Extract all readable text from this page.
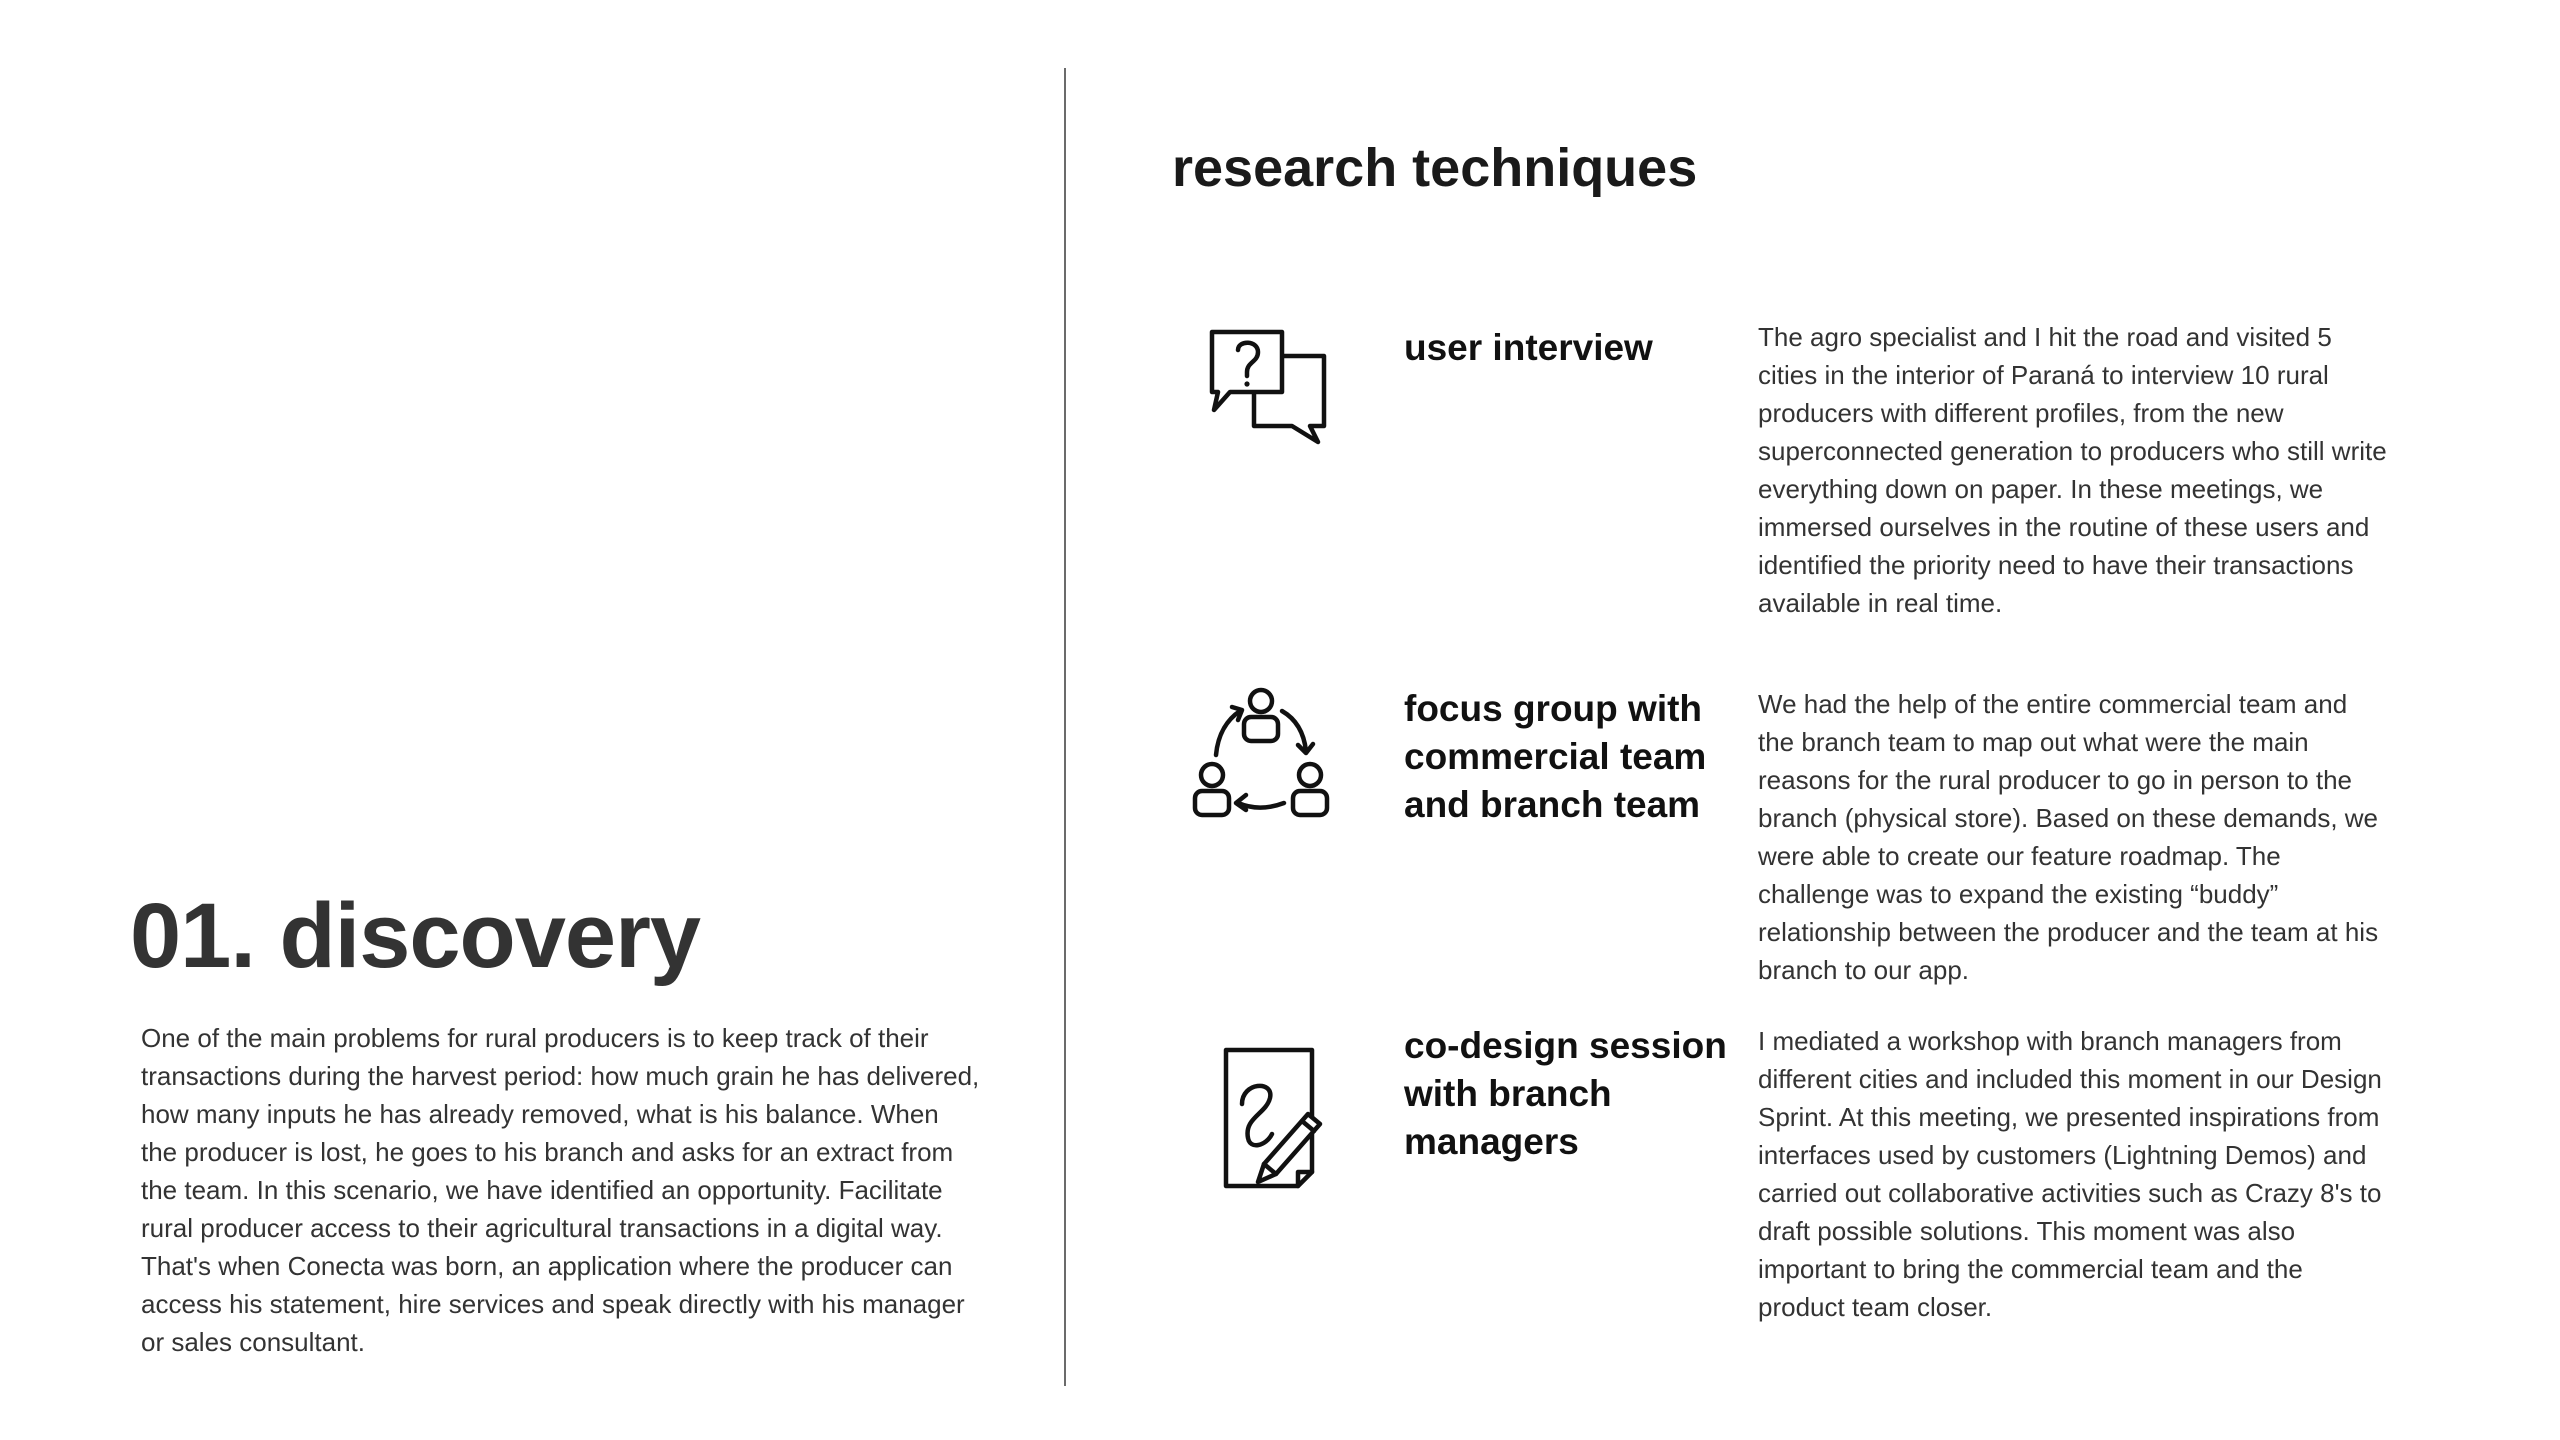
01. discovery

One of the main problems for rural producers is to keep track of their transactions during the harvest period: how much grain he has delivered, how many inputs he has already removed, what is his balance. When the producer is lost, he goes to his branch and asks for an extract from the team. In this scenario, we have identified an opportunity. Facilitate rural producer access to their agricultural transactions in a digital way. That's when Conecta was born, an application where the producer can access his statement, hire services and speak directly with his manager or sales consultant.

research techniques

user interview	The agro specialist and I hit the road and visited 5 cities in the interior of Paraná to interview 10 rural producers with different profiles, from the new superconnected generation to producers who still write everything down on paper. In these meetings, we immersed ourselves in the routine of these users and identified the priority need to have their transactions available in real time.

focus group with commercial team and branch team

We had the help of the entire commercial team and the branch team to map out what were the main reasons for the rural producer to go in person to the branch (physical store). Based on these demands, we were able to create our feature roadmap. The challenge was to expand the existing “buddy” relationship between the producer and the team at his branch to our app.

co-design session with branch managers

I mediated a workshop with branch managers from different cities and included this moment in our Design Sprint. At this meeting, we presented inspirations from interfaces used by customers (Lightning Demos) and carried out collaborative activities such as Crazy 8's to draft possible solutions. This moment was also important to bring the commercial team and the product team closer.
